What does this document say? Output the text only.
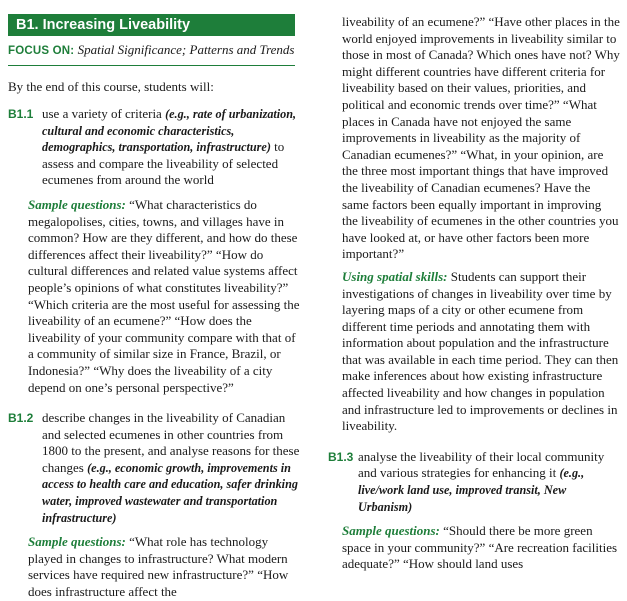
B1. Increasing Liveability
FOCUS ON: Spatial Significance; Patterns and Trends
By the end of this course, students will:
B1.1 use a variety of criteria (e.g., rate of urbanization, cultural and economic characteristics, demographics, transportation, infrastructure) to assess and compare the liveability of selected ecumenes from around the world
Sample questions: “What characteristics do megalopolises, cities, towns, and villages have in common? How are they different, and how do these differences affect their liveability?” “How do cultural differences and related value systems affect people’s opinions of what constitutes liveability?” “Which criteria are the most useful for assessing the liveability of an ecumene?” “How does the liveability of your community compare with that of a community of similar size in France, Brazil, or Indonesia?” “Why does the liveability of a city depend on one’s personal perspective?”
B1.2 describe changes in the liveability of Canadian and selected ecumenes in other countries from 1800 to the present, and analyse reasons for these changes (e.g., economic growth, improvements in access to health care and education, safer drinking water, improved wastewater and transportation infrastructure)
Sample questions: “What role has technology played in changes to infrastructure? What modern services have required new infrastructure?” “How does infrastructure affect the
liveability of an ecumene?” “Have other places in the world enjoyed improvements in liveability similar to those in most of Canada? Which ones have not? Why might different countries have different criteria for liveability based on their values, priorities, and political and economic trends over time?” “What places in Canada have not enjoyed the same improvements in liveability as the majority of Canadian ecumenes?” “What, in your opinion, are the three most important things that have improved the liveability of Canadian ecumenes? Have the same factors been equally important in improving the liveability of ecumenes in the other countries you have looked at, or have other factors been more important?”
Using spatial skills: Students can support their investigations of changes in liveability over time by layering maps of a city or other ecumene from different time periods and annotating them with information about population and the infrastructure that was available in each time period. They can then make inferences about how existing infrastructure affected liveability and how changes in population and infrastructure led to improvements or declines in liveability.
B1.3 analyse the liveability of their local community and various strategies for enhancing it (e.g., live/work land use, improved transit, New Urbanism)
Sample questions: “Should there be more green space in your community?” “Are recreation facilities adequate?” “How should land uses
